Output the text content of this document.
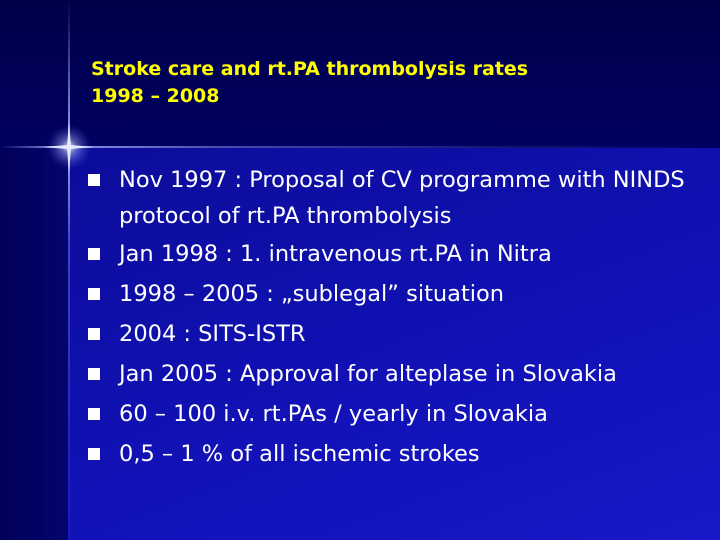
Stroke care and rt.PA thrombolysis rates
1998 – 2008
Nov 1997 : Proposal of CV programme with NINDS protocol of rt.PA thrombolysis
Jan 1998 : 1. intravenous rt.PA in Nitra
1998 – 2005 : „sublegal” situation
2004 : SITS-ISTR
Jan 2005 : Approval for alteplase in Slovakia
60 – 100 i.v. rt.PAs / yearly in Slovakia
0,5 – 1 % of all ischemic strokes
